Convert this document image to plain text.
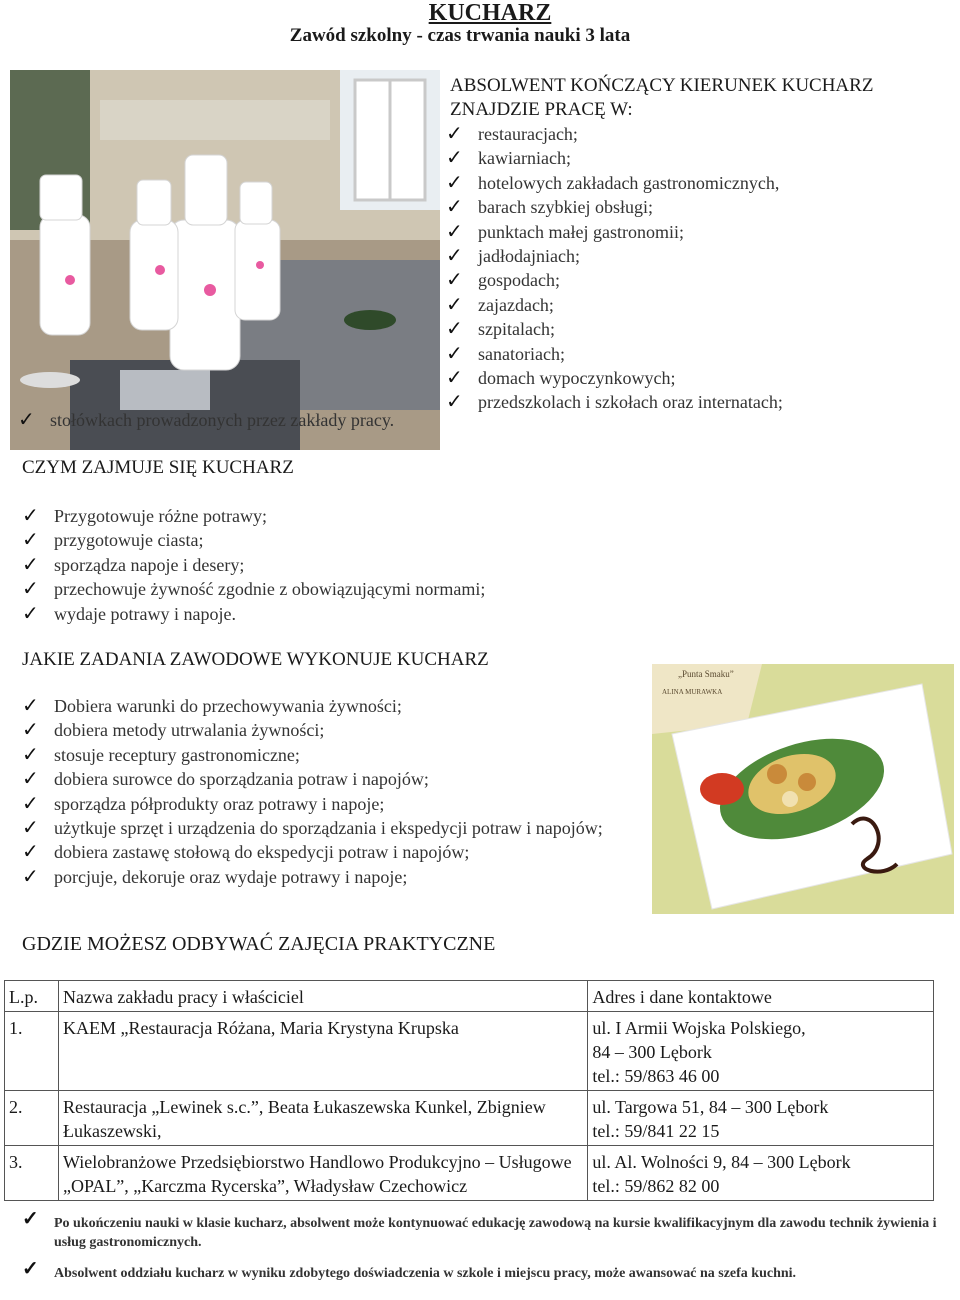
KUCHARZ
Zawód szkolny - czas trwania nauki 3 lata
ABSOLWENT KOŃCZĄCY KIERUNEK KUCHARZ
ZNAJDZIE PRACĘ W:
✓ restauracjach;
✓ kawiarniach;
✓ hotelowych zakładach gastronomicznych,
✓ barach szybkiej obsługi;
✓ punktach małej gastronomii;
✓ jadłodajniach;
✓ gospodach;
✓ zajazdach;
✓ szpitalach;
✓ sanatoriach;
✓ domach wypoczynkowych;
✓ przedszkolach i szkołach oraz internatach;
✓ stołówkach prowadzonych przez zakłady pracy.
CZYM ZAJMUJE SIĘ KUCHARZ
✓ Przygotowuje różne potrawy;
✓ przygotowuje ciasta;
✓ sporządza napoje i desery;
✓ przechowuje żywność zgodnie z obowiązującymi normami;
✓ wydaje potrawy i napoje.
JAKIE ZADANIA ZAWODOWE WYKONUJE KUCHARZ
✓ Dobiera warunki do przechowywania żywności;
✓ dobiera metody utrwalania żywności;
✓ stosuje receptury gastronomiczne;
✓ dobiera surowce do sporządzania potraw i napojów;
✓ sporządza półprodukty oraz potrawy i napoje;
✓ użytkuje sprzęt i urządzenia do sporządzania i ekspedycji potraw i napojów;
✓ dobiera zastawę stołową do ekspedycji potraw i napojów;
✓ porcjuje, dekoruje oraz wydaje potrawy i napoje;
„Punta Smaku”
ALINA MURAWKA
GDZIE MOŻESZ ODBYWAĆ ZAJĘCIA PRAKTYCZNE
L.p.	Nazwa zakładu pracy i właściciel	Adres i dane kontaktowe
1.	KAEM „Restauracja Różana, Maria Krystyna Krupska	ul. I Armii Wojska Polskiego,
84 – 300 Lębork
tel.: 59/863 46 00

2.	Restauracja „Lewinek s.c.”, Beata Łukaszewska Kunkel, Zbigniew Łukaszewski,	ul. Targowa 51, 84 – 300 Lębork
tel.: 59/841 22 15

3.	Wielobranżowe Przedsiębiorstwo Handlowo Produkcyjno – Usługowe „OPAL”, „Karczma Rycerska”, Władysław Czechowicz	ul. Al. Wolności 9, 84 – 300 Lębork
tel.: 59/862 82 00
✓ Po ukończeniu nauki w klasie kucharz, absolwent może kontynuować edukację zawodową na kursie kwalifikacyjnym dla zawodu technik żywienia i usług gastronomicznych.
✓ Absolwent oddziału kucharz w wyniku zdobytego doświadczenia w szkole i miejscu pracy, może awansować na szefa kuchni.
